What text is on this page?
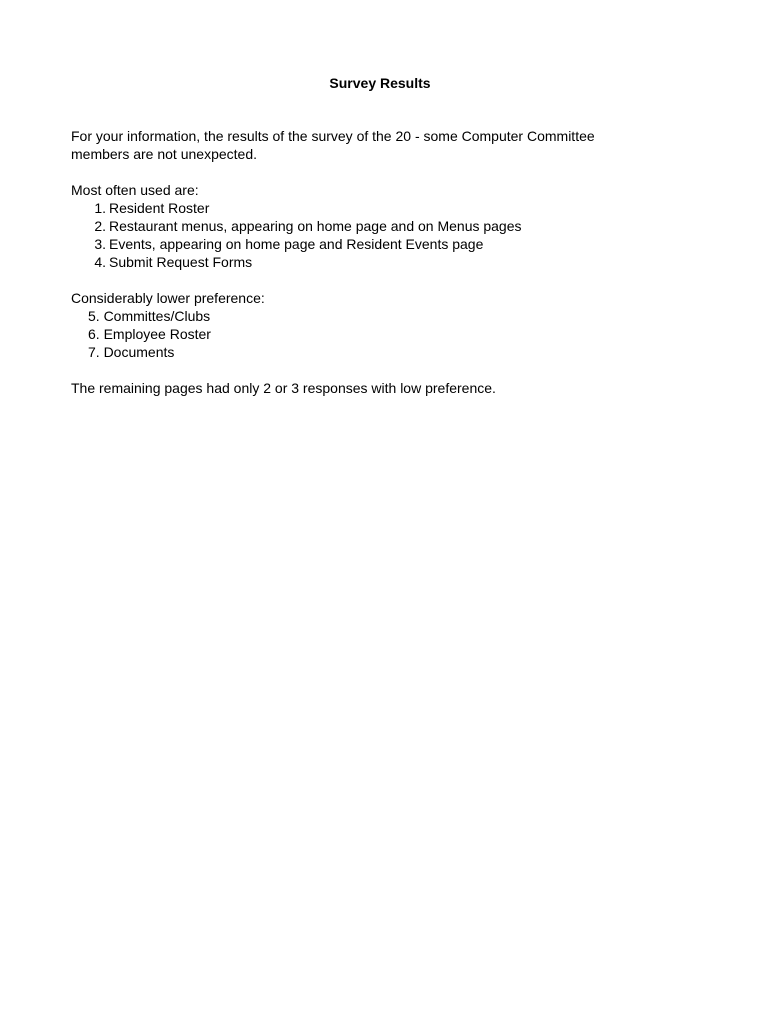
Survey Results

For your information, the results of the survey of the 20 - some Computer Committee

members are not unexpected.

Most often used are:

1. Resident Roster
2. Restaurant menus, appearing on home page and on Menus pages
3. Events, appearing on home page and Resident Events page
4. Submit Request Forms

Considerably lower preference:

5. Committes/Clubs
6. Employee Roster
7. Documents

The remaining pages had only 2 or 3 responses with low preference.
